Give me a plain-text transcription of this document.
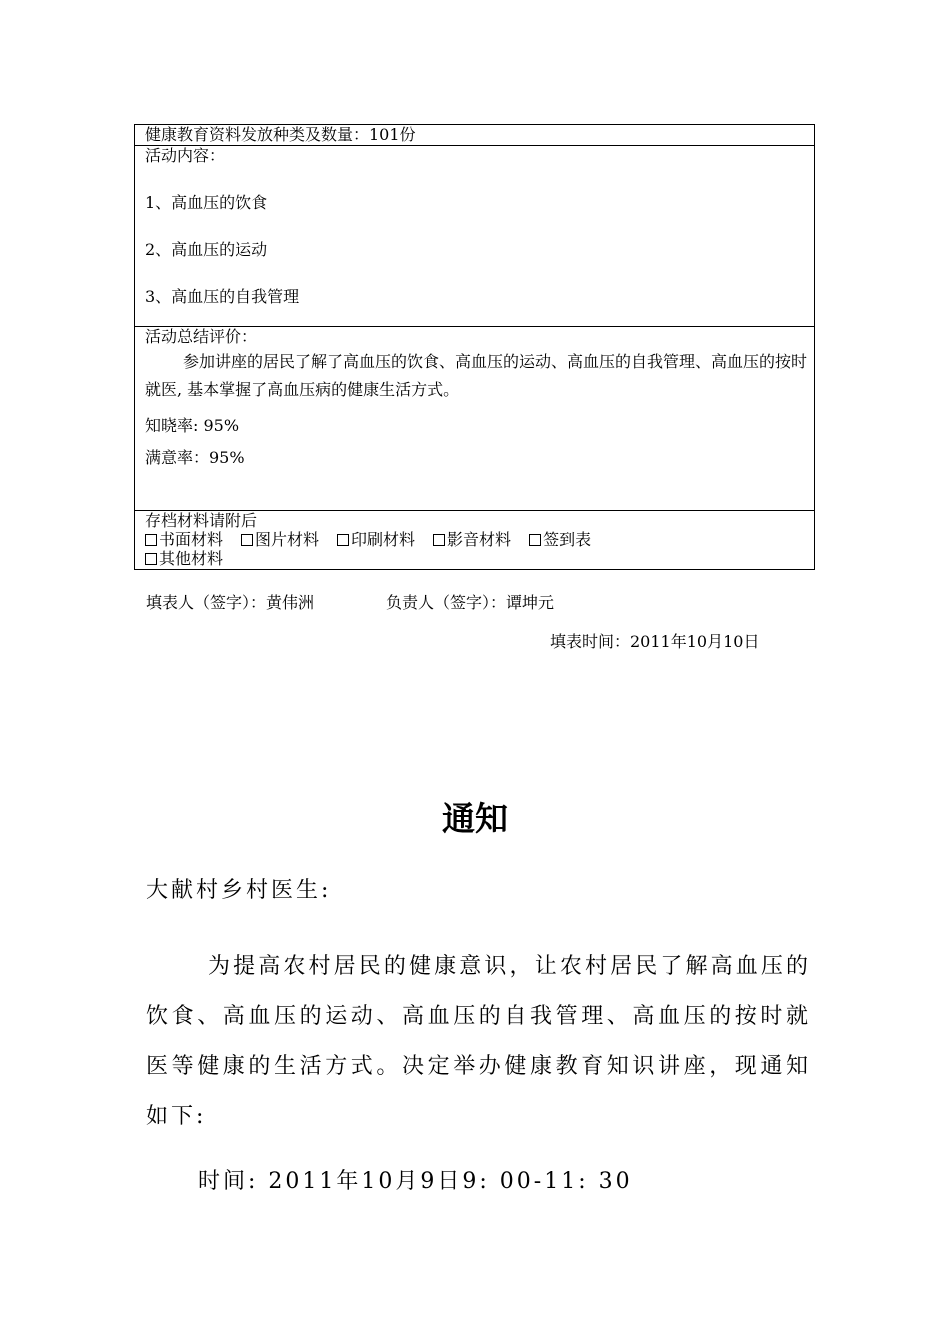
健康教育资料发放种类及数量：101份

活动内容：
1、高血压的饮食
2、高血压的运动
3、高血压的自我管理

活动总结评价：
参加讲座的居民了解了高血压的饮食、高血压的运动、高血压的自我管理、高血压的按时就医, 基本掌握了高血压病的健康生活方式。
知晓率: 95%
满意率：95%

存档材料请附后
书面材料 图片材料 印刷材料 影音材料 签到表
其他材料
填表人（签字）：黄伟洲	负责人（签字）：谭坤元
填表时间：2011年10月10日
通知
大献村乡村医生:
为提高农村居民的健康意识，让农村居民了解高血压的饮食、高血压的运动、高血压的自我管理、高血压的按时就医等健康的生活方式。决定举办健康教育知识讲座，现通知如下:
时间: 2011年10月9日9: 00-11: 30
